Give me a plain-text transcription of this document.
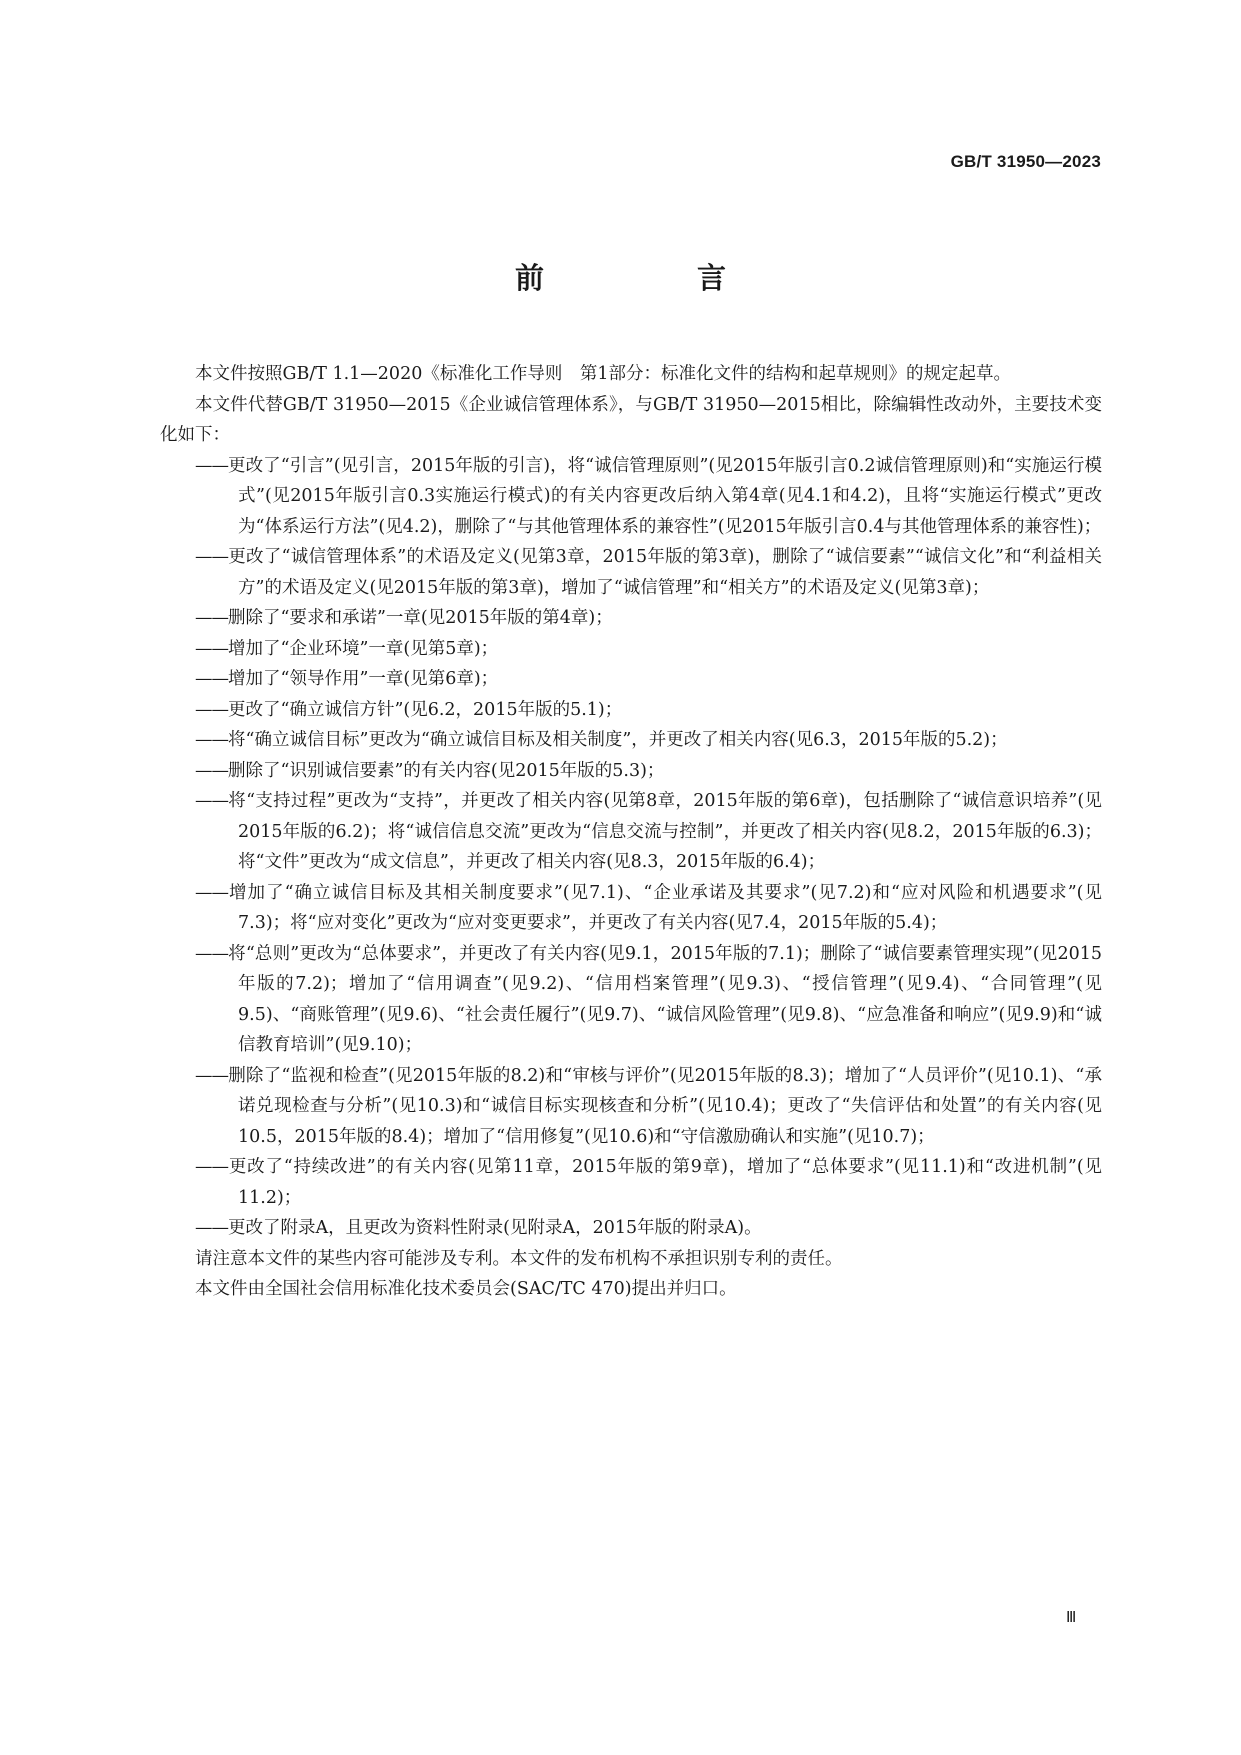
GB/T 31950—2023
前　言

本文件按照GB/T 1.1—2020《标准化工作导则　第1部分：标准化文件的结构和起草规则》的规定起草。

本文件代替GB/T 31950—2015《企业诚信管理体系》，与GB/T 31950—2015相比，除编辑性改动外，主要技术变化如下：

——更改了“引言”(见引言，2015年版的引言)，将“诚信管理原则”(见2015年版引言0.2诚信管理原则)和“实施运行模式”(见2015年版引言0.3实施运行模式)的有关内容更改后纳入第4章(见4.1和4.2)，且将“实施运行模式”更改为“体系运行方法”(见4.2)，删除了“与其他管理体系的兼容性”(见2015年版引言0.4与其他管理体系的兼容性)；

——更改了“诚信管理体系”的术语及定义(见第3章，2015年版的第3章)，删除了“诚信要素”“诚信文化”和“利益相关方”的术语及定义(见2015年版的第3章)，增加了“诚信管理”和“相关方”的术语及定义(见第3章)；

——删除了“要求和承诺”一章(见2015年版的第4章)；

——增加了“企业环境”一章(见第5章)；

——增加了“领导作用”一章(见第6章)；

——更改了“确立诚信方针”(见6.2，2015年版的5.1)；

——将“确立诚信目标”更改为“确立诚信目标及相关制度”，并更改了相关内容(见6.3，2015年版的5.2)；

——删除了“识别诚信要素”的有关内容(见2015年版的5.3)；

——将“支持过程”更改为“支持”，并更改了相关内容(见第8章，2015年版的第6章)，包括删除了“诚信意识培养”(见2015年版的6.2)；将“诚信信息交流”更改为“信息交流与控制”，并更改了相关内容(见8.2，2015年版的6.3)；将“文件”更改为“成文信息”，并更改了相关内容(见8.3，2015年版的6.4)；

——增加了“确立诚信目标及其相关制度要求”(见7.1)、“企业承诺及其要求”(见7.2)和“应对风险和机遇要求”(见7.3)；将“应对变化”更改为“应对变更要求”，并更改了有关内容(见7.4，2015年版的5.4)；

——将“总则”更改为“总体要求”，并更改了有关内容(见9.1，2015年版的7.1)；删除了“诚信要素管理实现”(见2015年版的7.2)；增加了“信用调查”(见9.2)、“信用档案管理”(见9.3)、“授信管理”(见9.4)、“合同管理”(见9.5)、“商账管理”(见9.6)、“社会责任履行”(见9.7)、“诚信风险管理”(见9.8)、“应急准备和响应”(见9.9)和“诚信教育培训”(见9.10)；

——删除了“监视和检查”(见2015年版的8.2)和“审核与评价”(见2015年版的8.3)；增加了“人员评价”(见10.1)、“承诺兑现检查与分析”(见10.3)和“诚信目标实现核查和分析”(见10.4)；更改了“失信评估和处置”的有关内容(见10.5，2015年版的8.4)；增加了“信用修复”(见10.6)和“守信激励确认和实施”(见10.7)；

——更改了“持续改进”的有关内容(见第11章，2015年版的第9章)，增加了“总体要求”(见11.1)和“改进机制”(见11.2)；

——更改了附录A，且更改为资料性附录(见附录A，2015年版的附录A)。

请注意本文件的某些内容可能涉及专利。本文件的发布机构不承担识别专利的责任。

本文件由全国社会信用标准化技术委员会(SAC/TC 470)提出并归口。

Ⅲ
